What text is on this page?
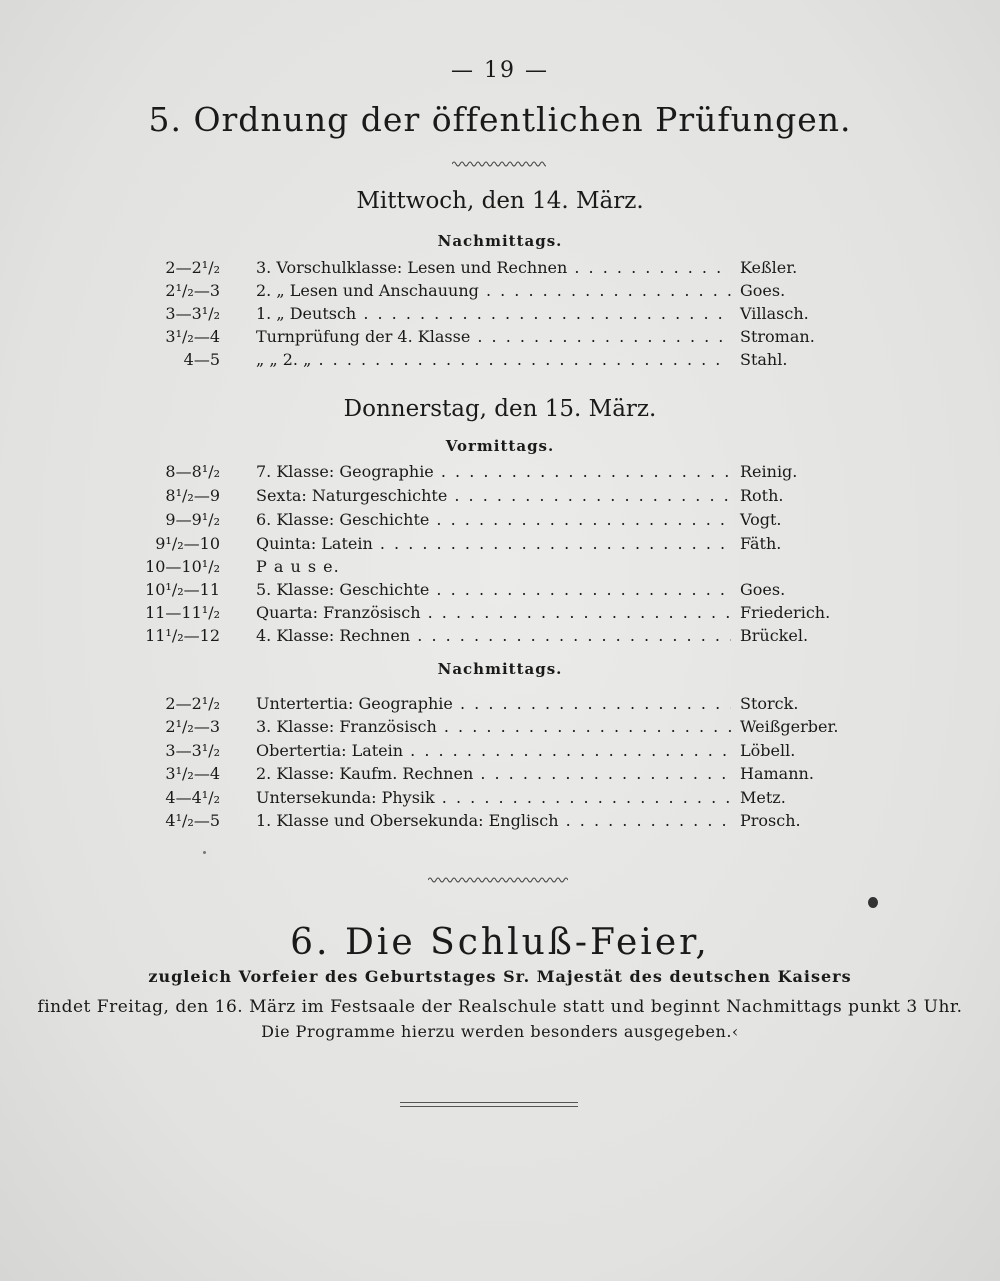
— 19 —
5. Ordnung der öffentlichen Prüfungen.
Mittwoch, den 14. März.
Nachmittags.
2—2¹/₂ 3. Vorschulklasse: Lesen und Rechnen . . .	Keßler.
2¹/₂—3 2. „ Lesen und Anschauung . . .	Goes.
3—3¹/₂ 1. „ Deutsch . . .	Villasch.
3¹/₂—4 Turnprüfung der 4. Klasse . . .	Stroman.
4—5 „ „ 2. „ . . .	Stahl.
Donnerstag, den 15. März.
Vormittags.
8—8¹/₂ 7. Klasse: Geographie . . .	Reinig.
8¹/₂—9 Sexta: Naturgeschichte . . .	Roth.
9—9¹/₂ 6. Klasse: Geschichte . . .	Vogt.
9¹/₂—10 Quinta: Latein . . .	Fäth.
10—10¹/₂ P a u s e.
10¹/₂—11 5. Klasse: Geschichte . . .	Goes.
11—11¹/₂ Quarta: Französisch . . .	Friederich.
11¹/₂—12 4. Klasse: Rechnen . . .	Brückel.
Nachmittags.
2—2¹/₂ Untertertia: Geographie . . .	Storck.
2¹/₂—3 3. Klasse: Französisch . . .	Weißgerber.
3—3¹/₂ Obertertia: Latein . . .	Löbell.
3¹/₂—4 2. Klasse: Kaufm. Rechnen . . .	Hamann.
4—4¹/₂ Untersekunda: Physik . . .	Metz.
4¹/₂—5 1. Klasse und Obersekunda: Englisch . . .	Prosch.
6. Die Schluß-Feier,
zugleich Vorfeier des Geburtstages Sr. Majestät des deutschen Kaisers
findet Freitag, den 16. März im Festsaale der Realschule statt und beginnt Nachmittags punkt 3 Uhr.
Die Programme hierzu werden besonders ausgegeben.‹
